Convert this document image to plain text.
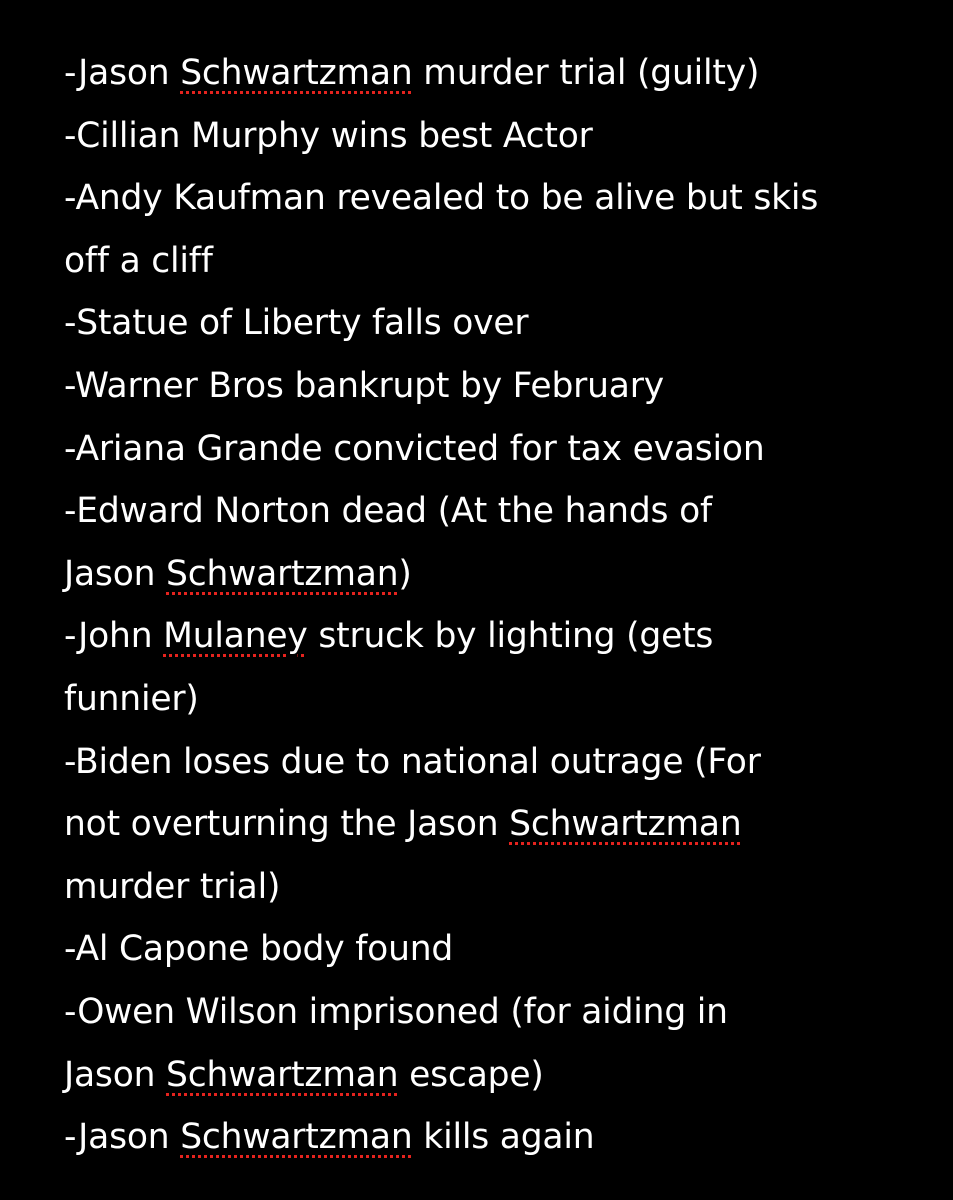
-Jason Schwartzman murder trial (guilty)
-Cillian Murphy wins best Actor
-Andy Kaufman revealed to be alive but skis
off a cliff
-Statue of Liberty falls over
-Warner Bros bankrupt by February
-Ariana Grande convicted for tax evasion
-Edward Norton dead (At the hands of
Jason Schwartzman)
-John Mulaney struck by lighting (gets
funnier)
-Biden loses due to national outrage (For
not overturning the Jason Schwartzman
murder trial)
-Al Capone body found
-Owen Wilson imprisoned (for aiding in
Jason Schwartzman escape)
-Jason Schwartzman kills again
